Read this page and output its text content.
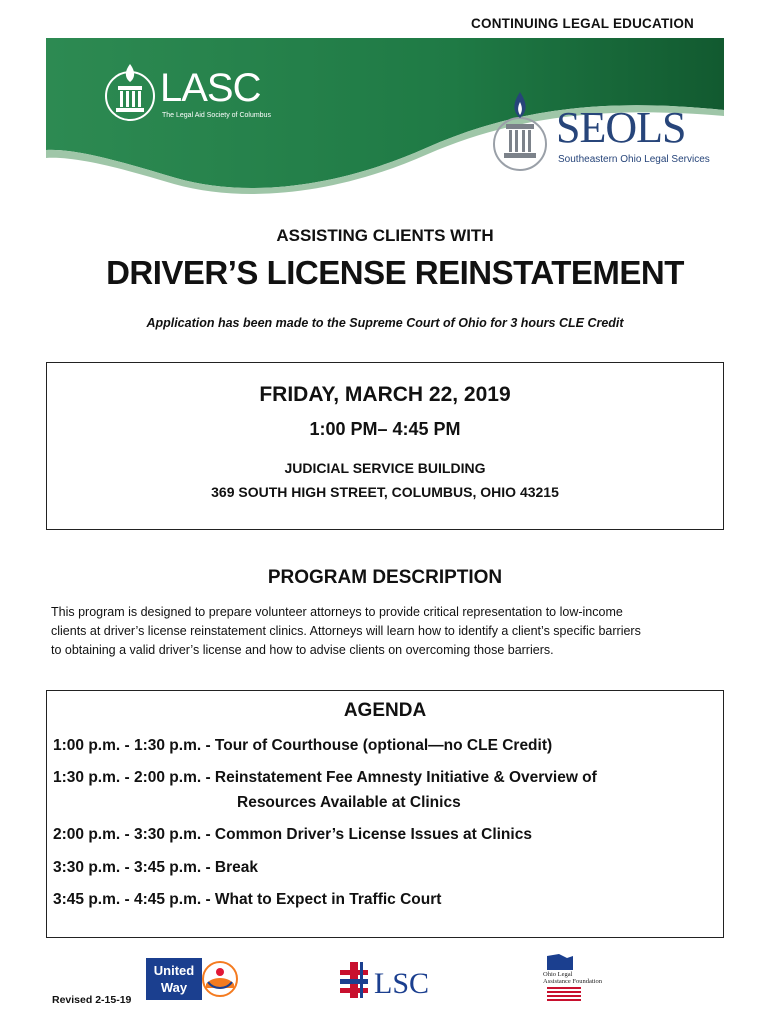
CONTINUING LEGAL EDUCATION
LASC
The Legal Aid Society of Columbus	SEOLS
Southeastern Ohio Legal Services
ASSISTING CLIENTS WITH
DRIVER’S LICENSE REINSTATEMENT
Application has been made to the Supreme Court of Ohio for 3 hours CLE Credit
FRIDAY, MARCH 22, 2019
1:00 PM– 4:45 PM
JUDICIAL SERVICE BUILDING
369 SOUTH HIGH STREET, COLUMBUS, OHIO 43215
PROGRAM DESCRIPTION
This program is designed to prepare volunteer attorneys to provide critical representation to low-income
clients at driver’s license reinstatement clinics. Attorneys will learn how to identify a client’s specific barriers
to obtaining a valid driver’s license and how to advise clients on overcoming those barriers.
AGENDA
1:00 p.m. - 1:30 p.m. - Tour of Courthouse (optional—no CLE Credit)
1:30 p.m. - 2:00 p.m. - Reinstatement Fee Amnesty Initiative & Overview of
Resources Available at Clinics
2:00 p.m. - 3:30 p.m. - Common Driver’s License Issues at Clinics
3:30 p.m. - 3:45 p.m. - Break
3:45 p.m. - 4:45 p.m. - What to Expect in Traffic Court
Revised 2-15-19
United
Way	LSC	Ohio Legal
Assistance Foundation
